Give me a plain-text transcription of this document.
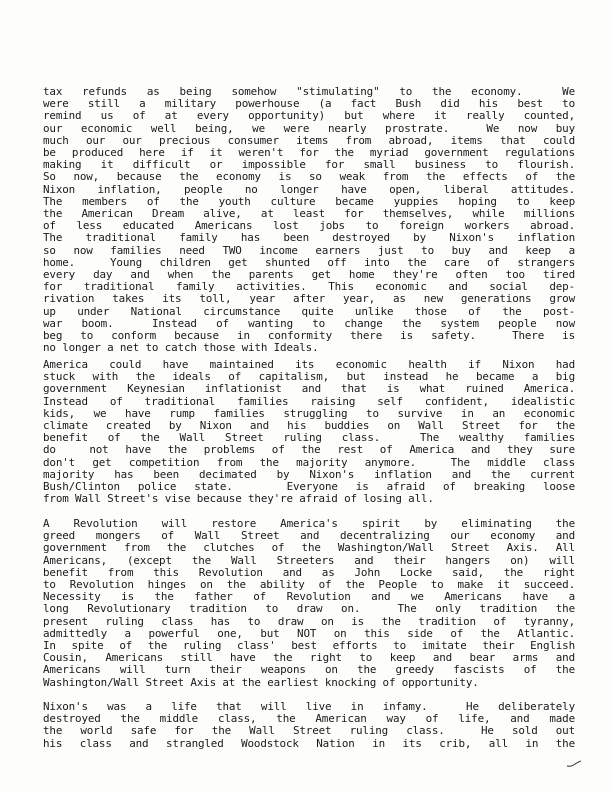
tax refunds as being somehow "stimulating" to the economy.  We
were still a military powerhouse (a fact Bush did his best to
remind us of at every opportunity) but where it really counted,
our economic well being, we were nearly prostrate.  We now buy
much our our precious consumer items from abroad, items that could
be produced here if it weren't for the myriad government regulations
making it difficult or impossible for small business to flourish.
So now, because the economy is so weak from the effects of the
Nixon inflation, people no longer have open, liberal attitudes.
The members of the youth culture became yuppies hoping to keep
the American Dream alive, at least for themselves, while millions
of less educated Americans lost jobs to foreign workers abroad.
The traditional family has been destroyed by Nixon's inflation
so now families need TWO income earners just to buy and keep a
home.  Young children get shunted off into the care of strangers
every day and when the parents get home they're often too tired
for traditional family activities. This economic and social dep-
rivation takes its toll, year after year, as new generations grow
up under National circumstance quite unlike those of the post-
war boom.  Instead of wanting to change the system people now
beg to conform because in conformity there is safety.  There is
no longer a net to catch those with Ideals.
America could have maintained its economic health if Nixon had
stuck with the ideals of capitalism, but instead he became a big
government Keynesian inflationist and that is what ruined America.
Instead of traditional families raising self confident, idealistic
kids, we have rump families struggling to survive in an economic
climate created by Nixon and his buddies on Wall Street for the
benefit of the Wall Street ruling class.  The wealthy families
do  not have the problems of the rest of America and they sure
don't get competition from the majority anymore.  The middle class
majority has been decimated by Nixon's inflation and the current
Bush/Clinton police state.   Everyone is afraid of breaking loose
from Wall Street's vise because they're afraid of losing all.
A Revolution will restore America's spirit by eliminating the
greed mongers of Wall Street and decentralizing our economy and
government from the clutches of the Washington/Wall Street Axis. All
Americans, (except the Wall Streeters and their hangers on) will
benefit from this Revolution and as John Locke said, the right
to Revolution hinges on the ability of the People to make it succeed.
Necessity is the father of Revolution and we Americans have a
long Revolutionary tradition to draw on.  The only tradition the
present ruling class has to draw on is the tradition of tyranny,
admittedly a powerful one, but NOT on this side of the Atlantic.
In spite of the ruling class' best efforts to imitate their English
Cousin, Americans still have the right to keep and bear arms and
Americans will turn their weapons on the greedy fascists of the
Washington/Wall Street Axis at the earliest knocking of opportunity.
Nixon's was a life that will live in infamy.  He deliberately
destroyed the middle class, the American way of life, and made
the world safe for the Wall Street ruling class.  He sold out
his class and strangled Woodstock Nation in its crib, all in the
